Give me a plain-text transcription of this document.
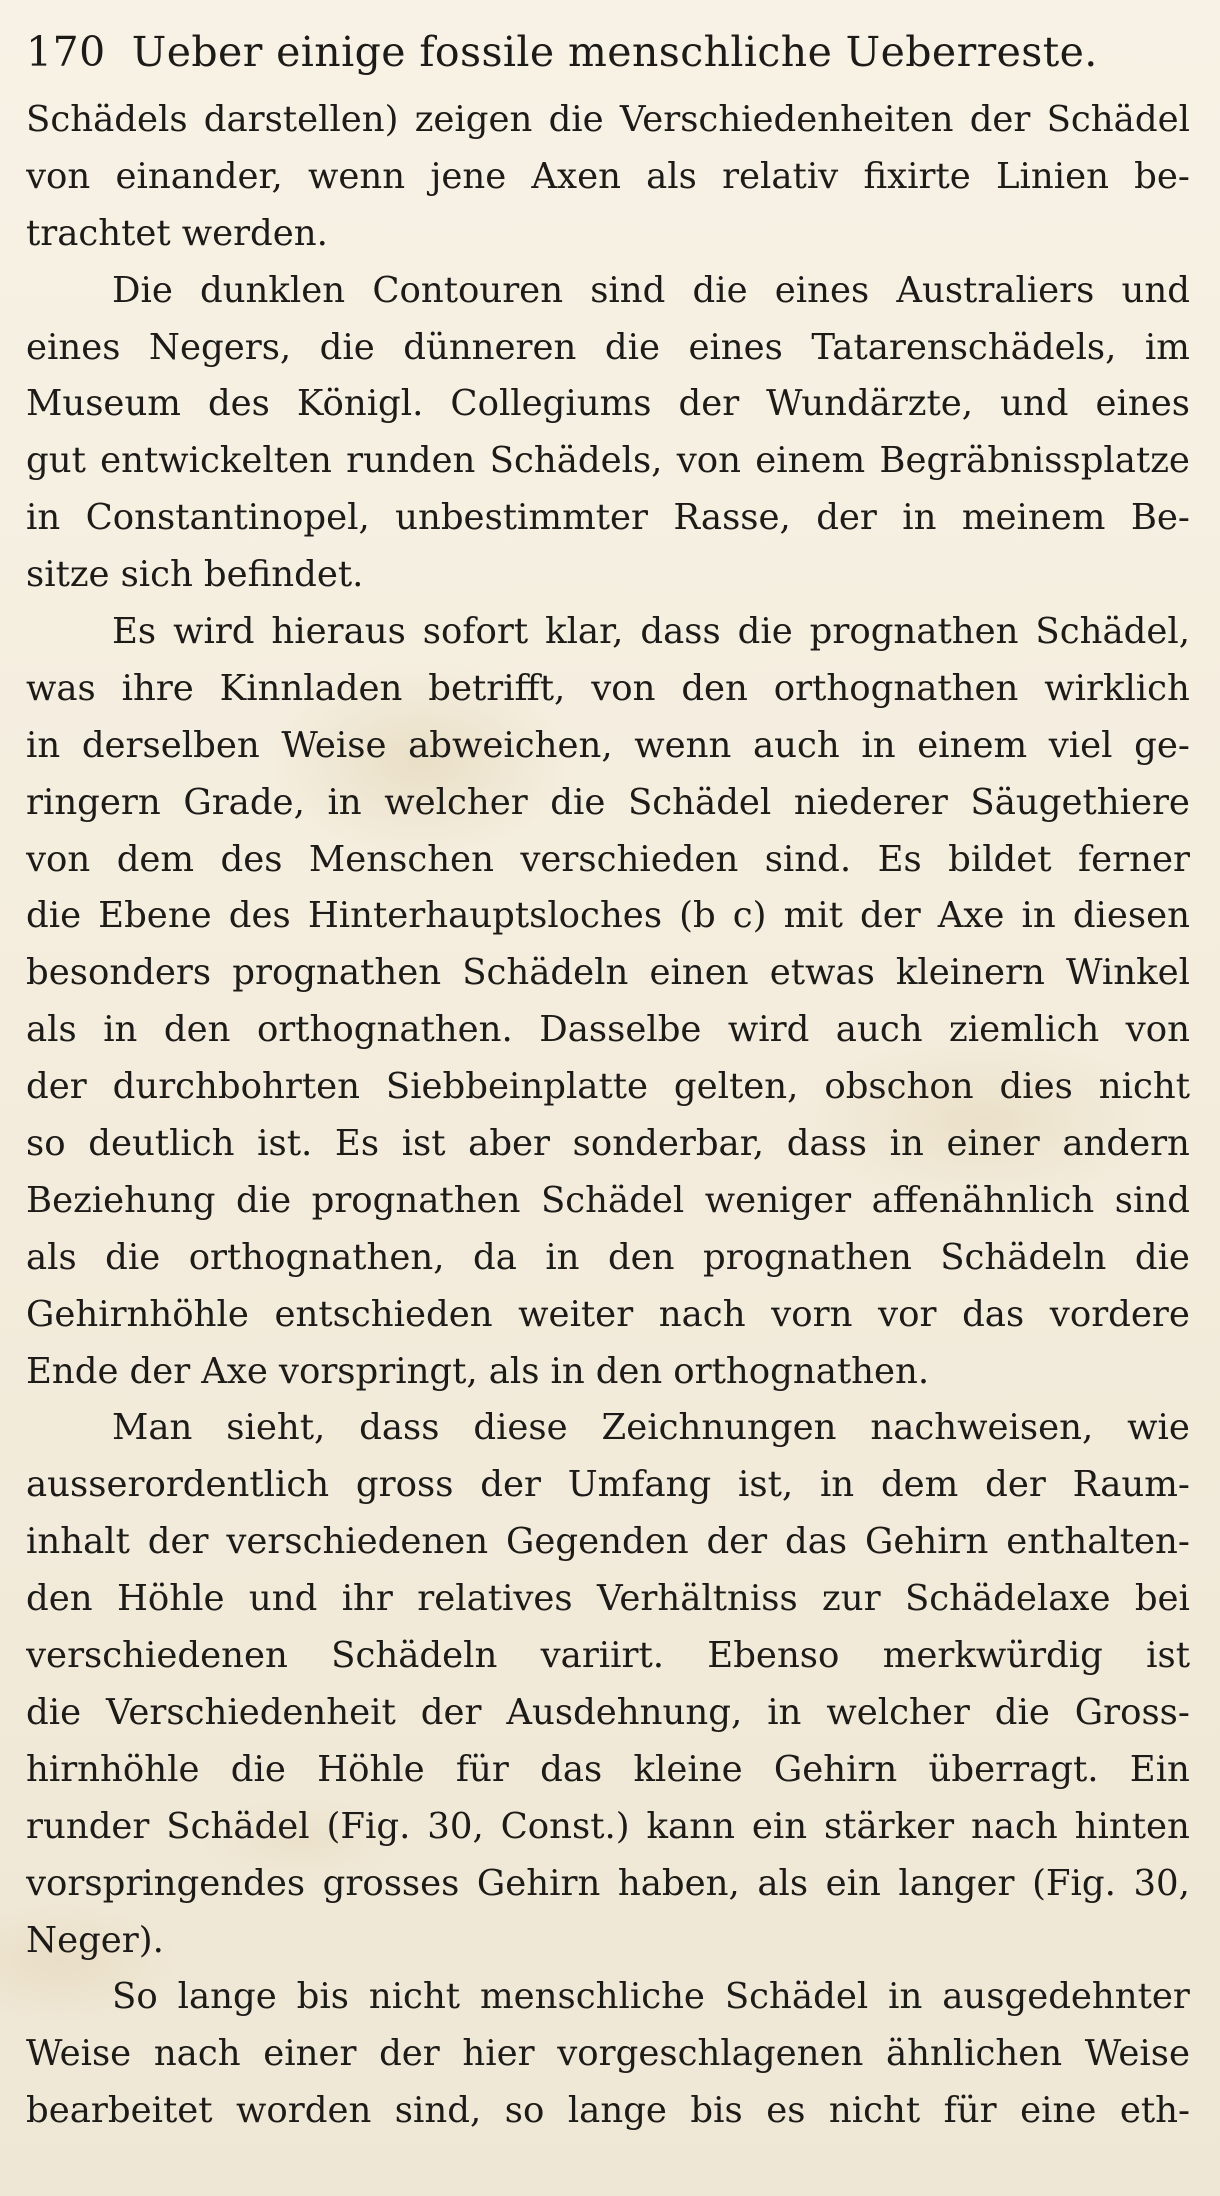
170 Ueber einige fossile menschliche Ueberreste.
Schädels darstellen) zeigen die Verschiedenheiten der Schädel
von einander, wenn jene Axen als relativ fixirte Linien be-
trachtet werden.
Die dunklen Contouren sind die eines Australiers und
eines Negers, die dünneren die eines Tatarenschädels, im
Museum des Königl. Collegiums der Wundärzte, und eines
gut entwickelten runden Schädels, von einem Begräbnissplatze
in Constantinopel, unbestimmter Rasse, der in meinem Be-
sitze sich befindet.
Es wird hieraus sofort klar, dass die prognathen Schädel,
was ihre Kinnladen betrifft, von den orthognathen wirklich
in derselben Weise abweichen, wenn auch in einem viel ge-
ringern Grade, in welcher die Schädel niederer Säugethiere
von dem des Menschen verschieden sind. Es bildet ferner
die Ebene des Hinterhauptsloches (b c) mit der Axe in diesen
besonders prognathen Schädeln einen etwas kleinern Winkel
als in den orthognathen. Dasselbe wird auch ziemlich von
der durchbohrten Siebbeinplatte gelten, obschon dies nicht
so deutlich ist. Es ist aber sonderbar, dass in einer andern
Beziehung die prognathen Schädel weniger affenähnlich sind
als die orthognathen, da in den prognathen Schädeln die
Gehirnhöhle entschieden weiter nach vorn vor das vordere
Ende der Axe vorspringt, als in den orthognathen.
Man sieht, dass diese Zeichnungen nachweisen, wie
ausserordentlich gross der Umfang ist, in dem der Raum-
inhalt der verschiedenen Gegenden der das Gehirn enthalten-
den Höhle und ihr relatives Verhältniss zur Schädelaxe bei
verschiedenen Schädeln variirt. Ebenso merkwürdig ist
die Verschiedenheit der Ausdehnung, in welcher die Gross-
hirnhöhle die Höhle für das kleine Gehirn überragt. Ein
runder Schädel (Fig. 30, Const.) kann ein stärker nach hinten
vorspringendes grosses Gehirn haben, als ein langer (Fig. 30,
Neger).
So lange bis nicht menschliche Schädel in ausgedehnter
Weise nach einer der hier vorgeschlagenen ähnlichen Weise
bearbeitet worden sind, so lange bis es nicht für eine eth-
